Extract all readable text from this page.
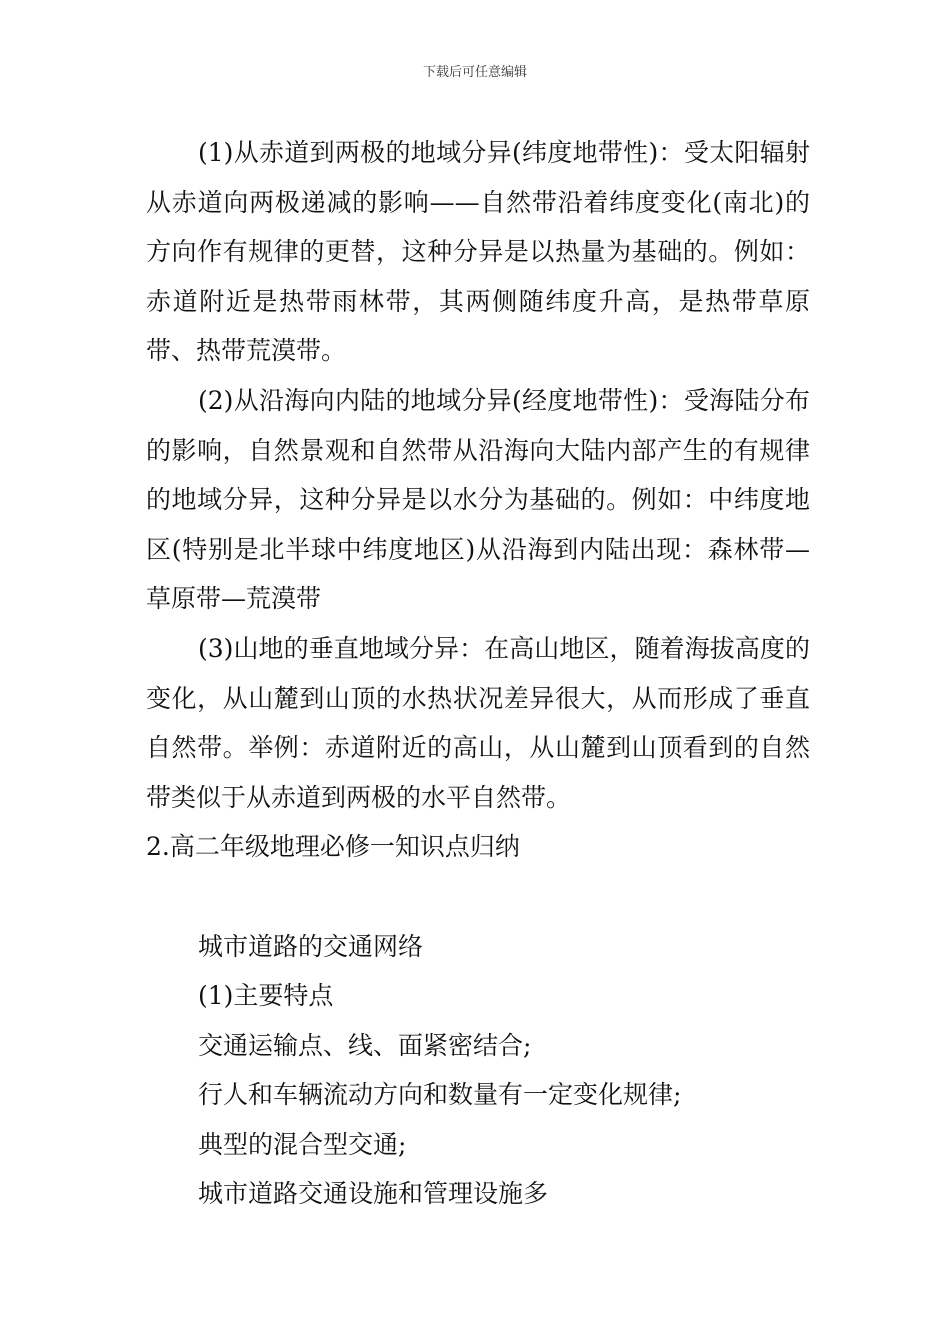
下载后可任意编辑

(1)从赤道到两极的地域分异(纬度地带性)：受太阳辐射从赤道向两极递减的影响——自然带沿着纬度变化(南北)的方向作有规律的更替，这种分异是以热量为基础的。例如：赤道附近是热带雨林带，其两侧随纬度升高，是热带草原带、热带荒漠带。

(2)从沿海向内陆的地域分异(经度地带性)：受海陆分布的影响，自然景观和自然带从沿海向大陆内部产生的有规律的地域分异，这种分异是以水分为基础的。例如：中纬度地区(特别是北半球中纬度地区)从沿海到内陆出现：森林带—草原带—荒漠带

(3)山地的垂直地域分异：在高山地区，随着海拔高度的变化，从山麓到山顶的水热状况差异很大，从而形成了垂直自然带。举例：赤道附近的高山，从山麓到山顶看到的自然带类似于从赤道到两极的水平自然带。

2.高二年级地理必修一知识点归纳

城市道路的交通网络

(1)主要特点

交通运输点、线、面紧密结合;

行人和车辆流动方向和数量有一定变化规律;

典型的混合型交通;

城市道路交通设施和管理设施多
